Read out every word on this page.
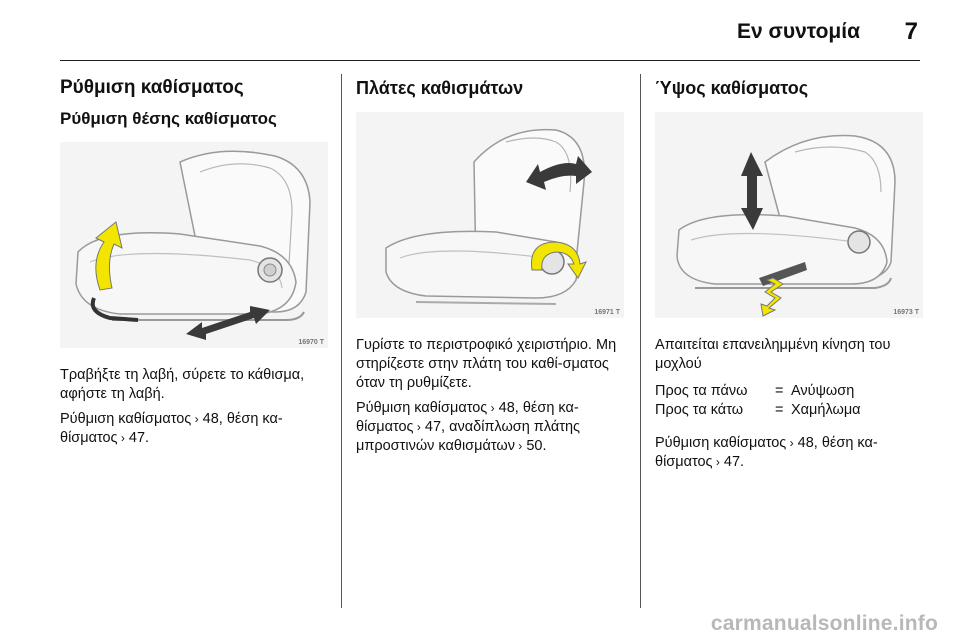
Εν συντομία 7
Ρύθμιση καθίσματος
Ρύθμιση θέσης καθίσματος
16970 T
Τραβήξτε τη λαβή, σύρετε το κάθισμα, αφήστε τη λαβή.
Ρύθμιση καθίσματος › 48, θέση κα-
θίσματος › 47.
Πλάτες καθισμάτων
16971 T
Γυρίστε το περιστροφικό χειριστήριο. Μη στηρίζεστε στην πλάτη του καθί-σματος όταν τη ρυθμίζετε.
Ρύθμιση καθίσματος › 48, θέση κα-
θίσματος › 47, αναδίπλωση πλάτης
μπροστινών καθισμάτων › 50.
Ύψος καθίσματος
16973 T
Απαιτείται επανειλημμένη κίνηση του μοχλού
Προς τα πάνω	= Ανύψωση
Προς τα κάτω	= Χαμήλωμα
Ρύθμιση καθίσματος › 48, θέση κα-
θίσματος › 47.
carmanualsonline.info
